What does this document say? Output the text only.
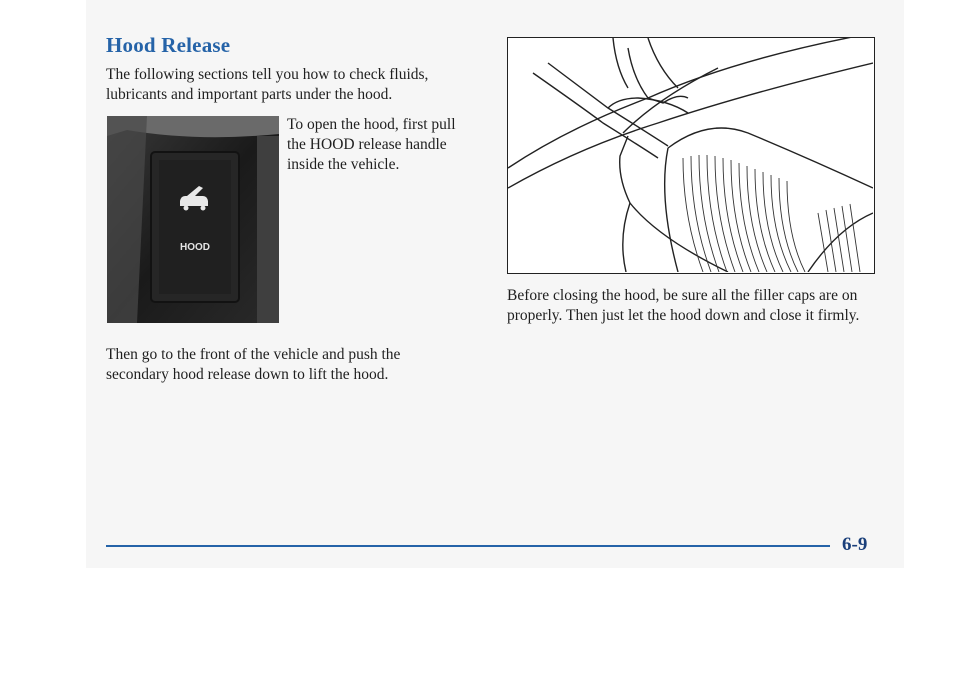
Hood Release
The following sections tell you how to check fluids, lubricants and important parts under the hood.
HOOD
To open the hood, first pull the HOOD release handle inside the vehicle.
Before closing the hood, be sure all the filler caps are on properly. Then just let the hood down and close it firmly.
Then go to the front of the vehicle and push the secondary hood release down to lift the hood.
6-9
